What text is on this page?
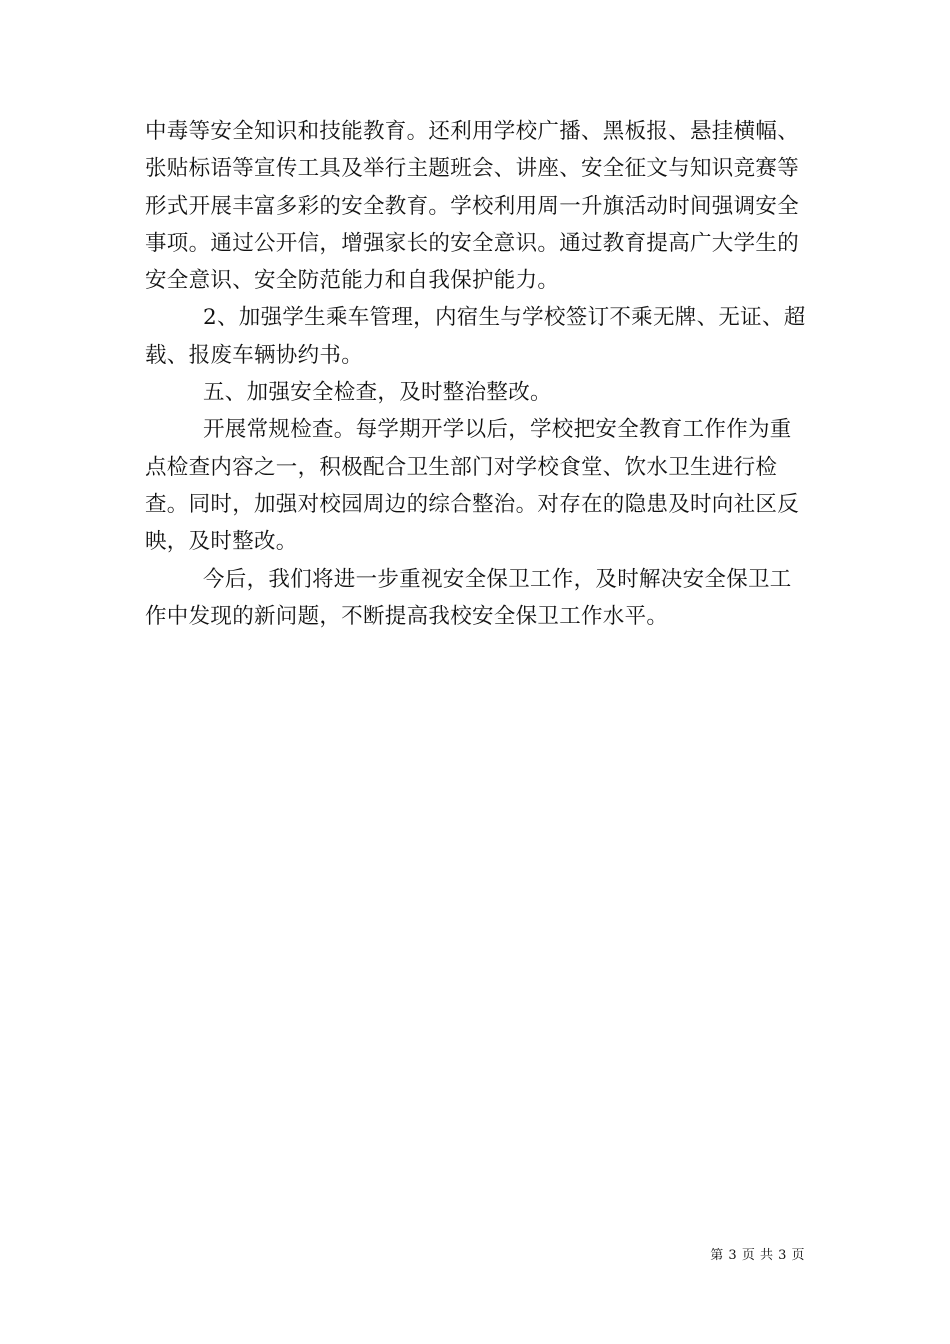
中毒等安全知识和技能教育。还利用学校广播、黑板报、悬挂横幅、张贴标语等宣传工具及举行主题班会、讲座、安全征文与知识竞赛等形式开展丰富多彩的安全教育。学校利用周一升旗活动时间强调安全事项。通过公开信，增强家长的安全意识。通过教育提高广大学生的安全意识、安全防范能力和自我保护能力。

2、加强学生乘车管理，内宿生与学校签订不乘无牌、无证、超载、报废车辆协约书。

五、加强安全检查，及时整治整改。

开展常规检查。每学期开学以后，学校把安全教育工作作为重点检查内容之一，积极配合卫生部门对学校食堂、饮水卫生进行检查。同时，加强对校园周边的综合整治。对存在的隐患及时向社区反映，及时整改。

今后，我们将进一步重视安全保卫工作，及时解决安全保卫工作中发现的新问题，不断提高我校安全保卫工作水平。

第 3 页 共 3 页
